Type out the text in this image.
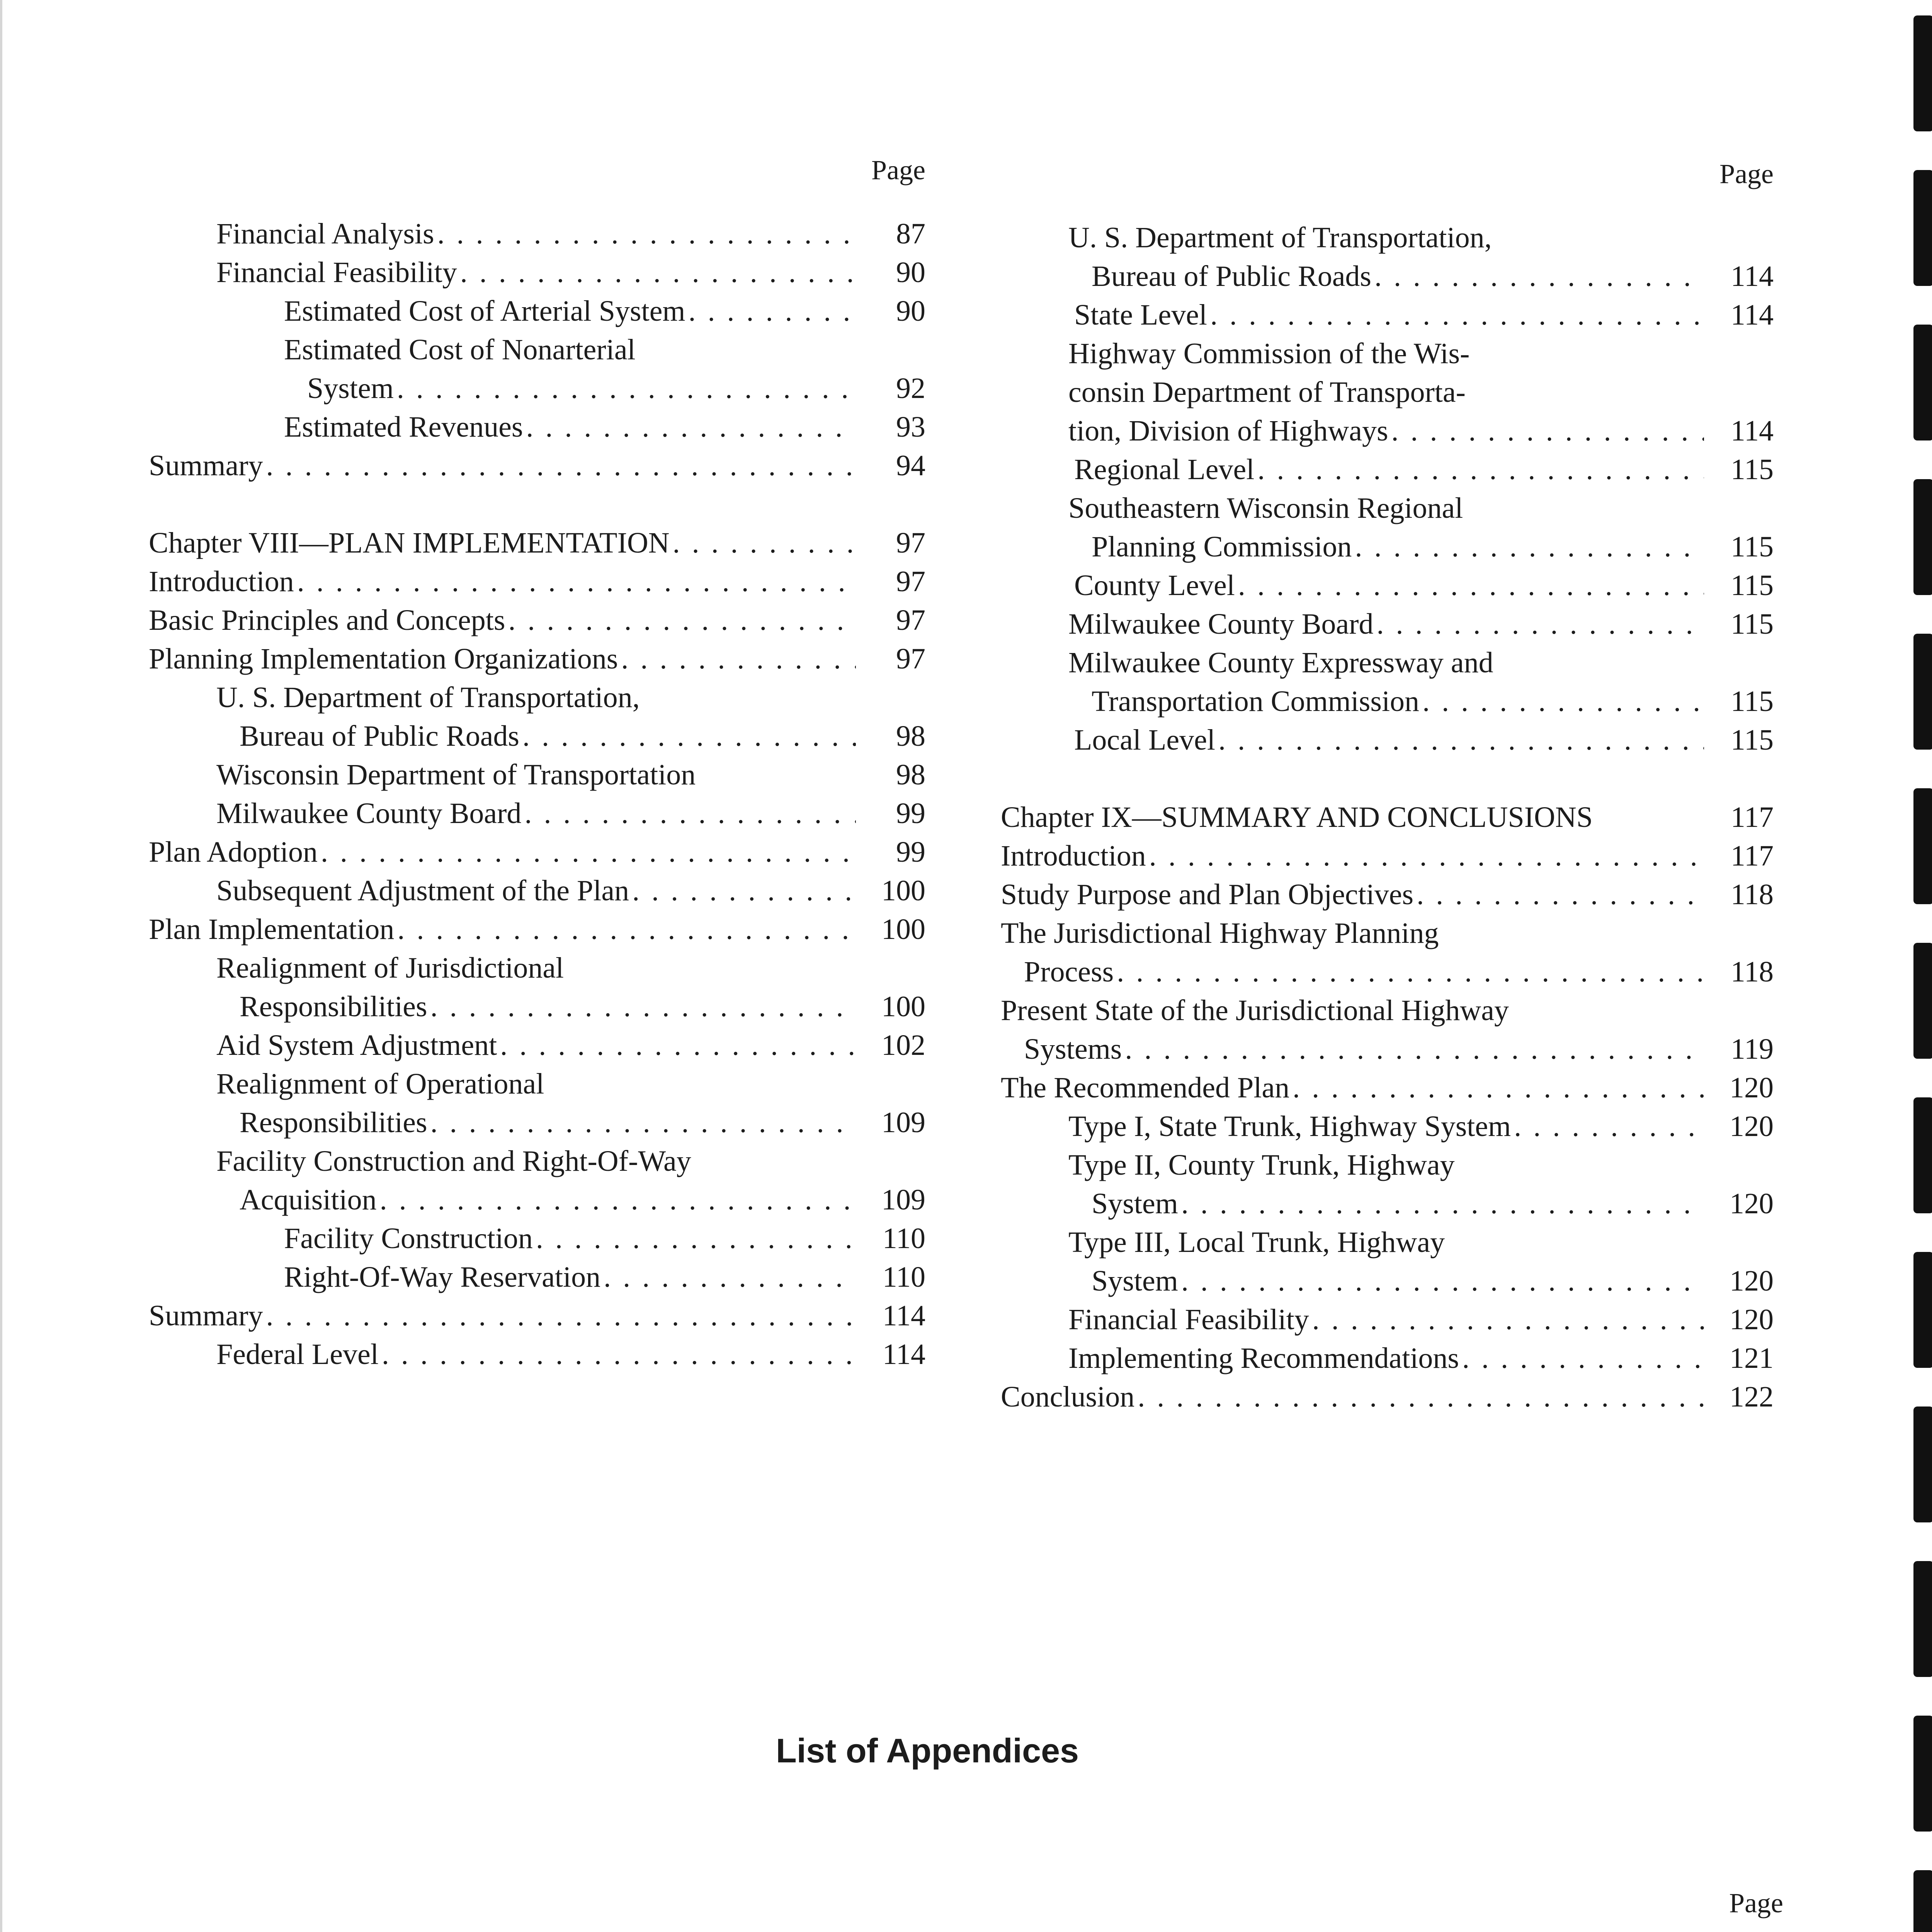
Page
Financial Analysis . . .	87
Financial Feasibility . . .	90
Estimated Cost of Arterial System . . .	90
Estimated Cost of Nonarterial
System . . .	92
Estimated Revenues . . .	93
Summary . . .	94
Chapter VIII—PLAN IMPLEMENTATION . . .	97
Introduction . . .	97
Basic Principles and Concepts . . .	97
Planning Implementation Organizations . . .	97
U. S. Department of Transportation,
Bureau of Public Roads . . .	98
Wisconsin Department of Transportation	98
Milwaukee County Board . . .	99
Plan Adoption . . .	99
Subsequent Adjustment of the Plan . . .	100
Plan Implementation . . .	100
Realignment of Jurisdictional
Responsibilities . . .	100
Aid System Adjustment . . .	102
Realignment of Operational
Responsibilities . . .	109
Facility Construction and Right-Of-Way
Acquisition . . .	109
Facility Construction . . .	110
Right-Of-Way Reservation . . .	110
Summary . . .	114
Federal Level . . .	114
Page
U. S. Department of Transportation,
Bureau of Public Roads . . .	114
State Level . . .	114
Highway Commission of the Wis-
consin Department of Transporta-
tion, Division of Highways . . .	114
Regional Level . . .	115
Southeastern Wisconsin Regional
Planning Commission . . .	115
County Level . . .	115
Milwaukee County Board . . .	115
Milwaukee County Expressway and
Transportation Commission . . .	115
Local Level . . .	115
Chapter IX—SUMMARY AND CONCLUSIONS	117
Introduction . . .	117
Study Purpose and Plan Objectives . . .	118
The Jurisdictional Highway Planning
Process . . .	118
Present State of the Jurisdictional Highway
Systems . . .	119
The Recommended Plan . . .	120
Type I, State Trunk, Highway System . . .	120
Type II, County Trunk, Highway
System . . .	120
Type III, Local Trunk, Highway
System . . .	120
Financial Feasibility . . .	120
Implementing Recommendations . . .	121
Conclusion . . .	122
List of Appendices
Page
